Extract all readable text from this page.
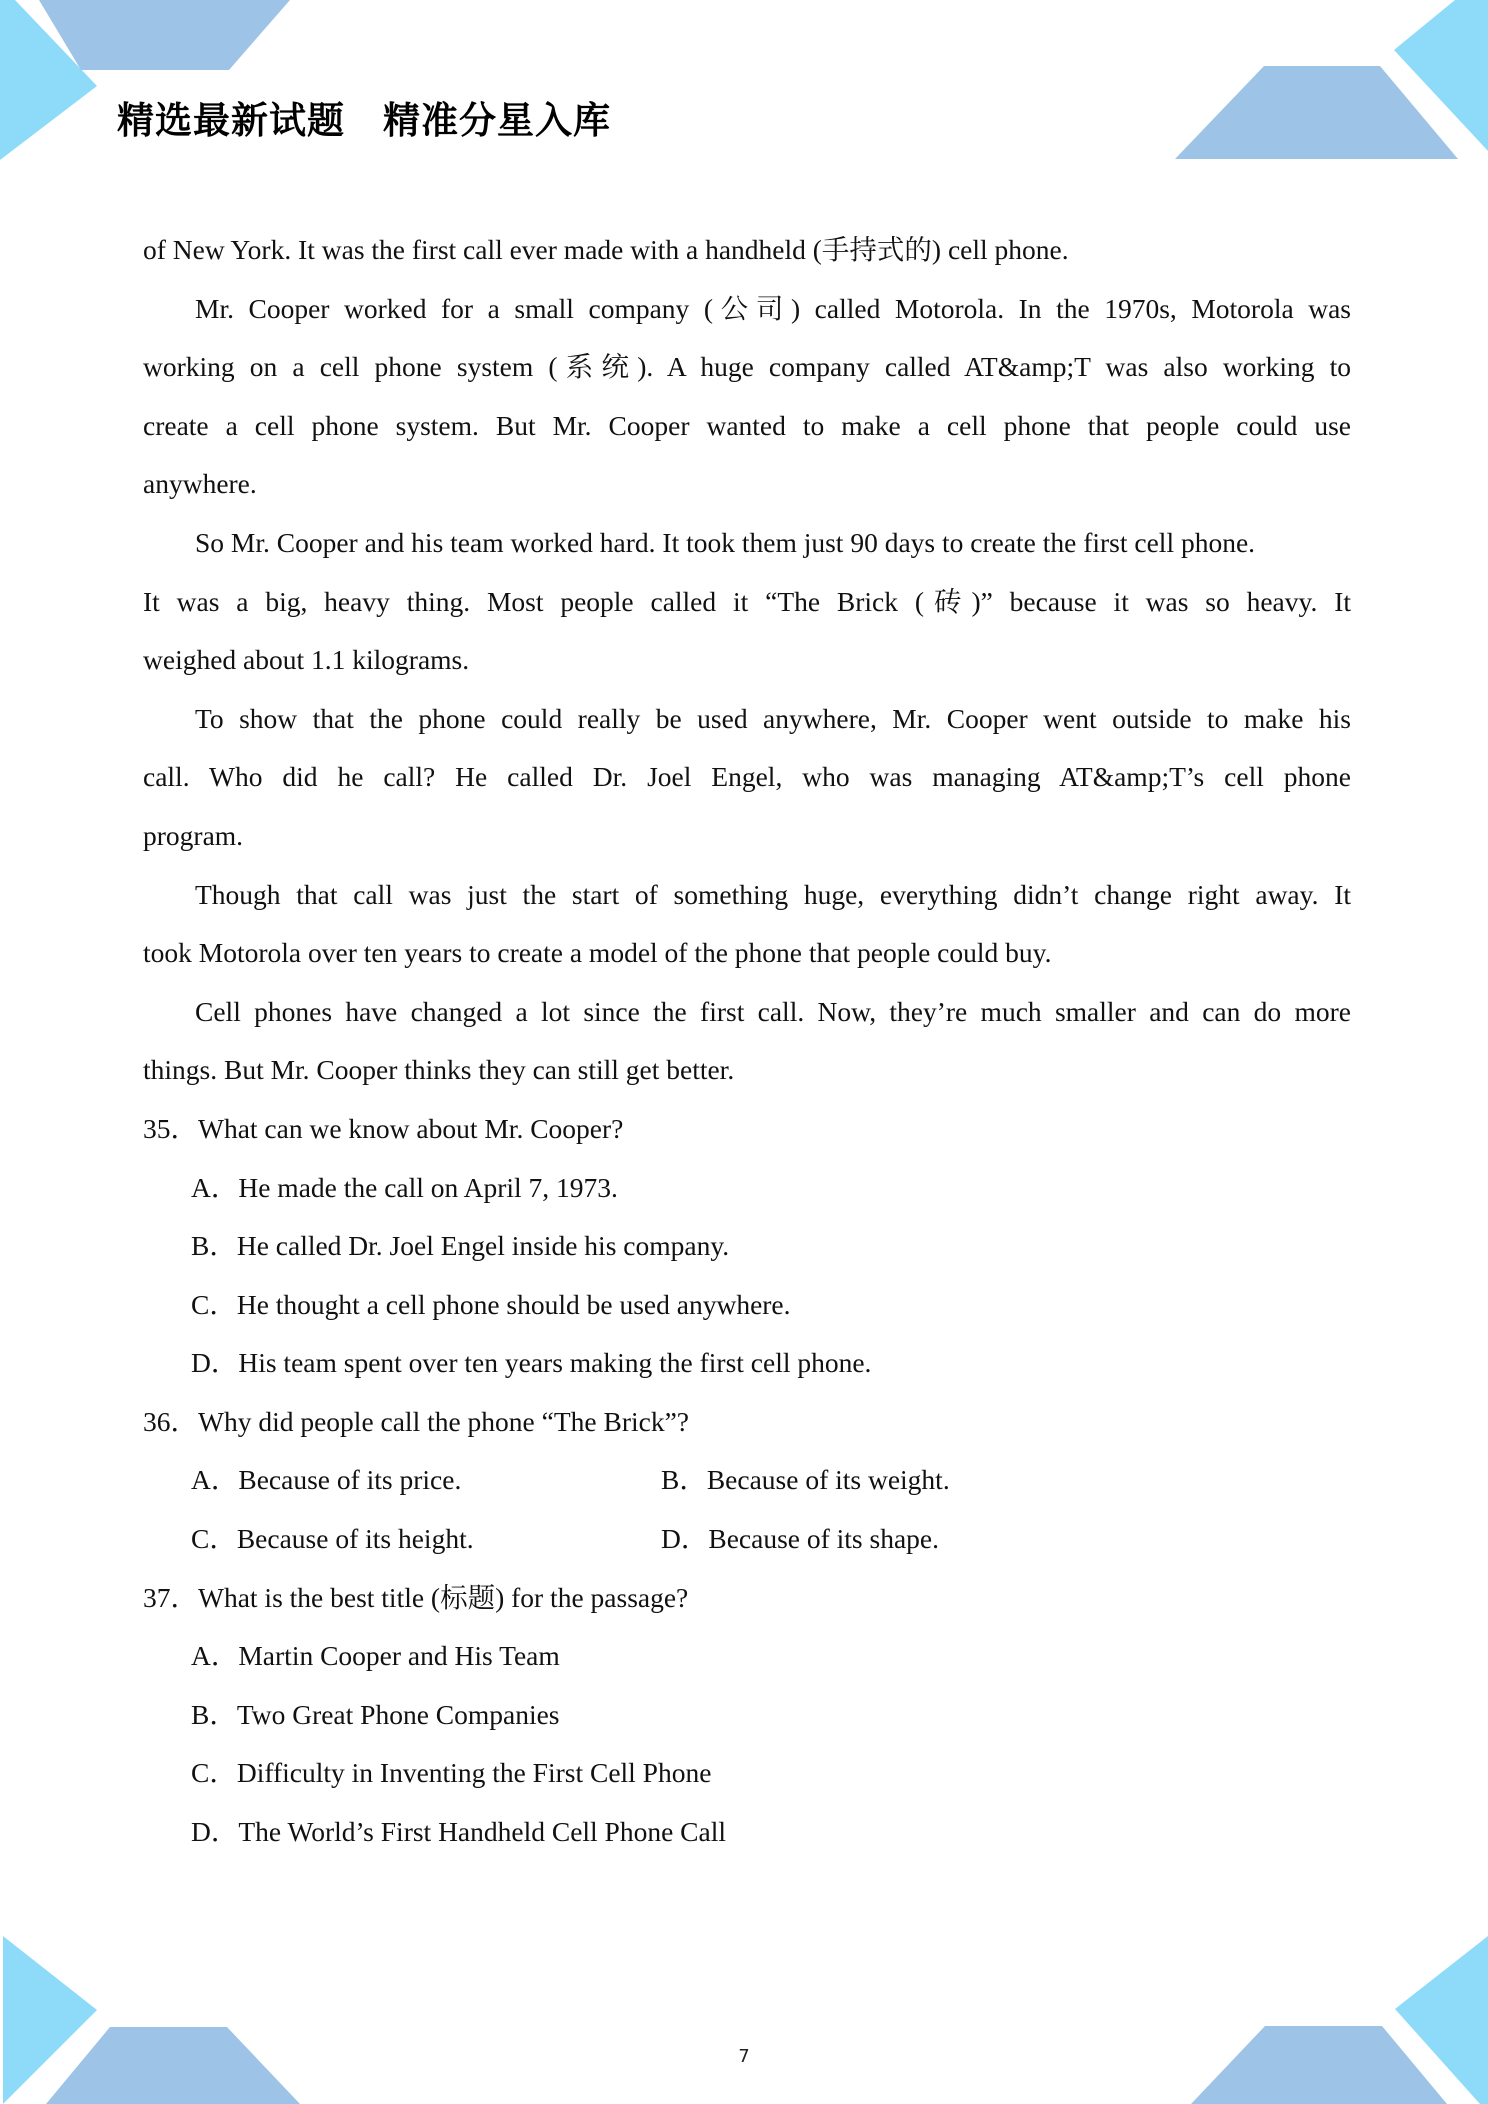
精选最新试题　精准分星入库
of New York. It was the first call ever made with a handheld (手持式的) cell phone.
Mr. Cooper worked for a small company (公司) called Motorola. In the 1970s, Motorola was
working on a cell phone system (系统). A huge company called AT&amp;T was also working to
create a cell phone system. But Mr. Cooper wanted to make a cell phone that people could use
anywhere.
So Mr. Cooper and his team worked hard. It took them just 90 days to create the first cell phone.
It was a big, heavy thing. Most people called it “The Brick (砖)” because it was so heavy. It
weighed about 1.1 kilograms.
To show that the phone could really be used anywhere, Mr. Cooper went outside to make his
call. Who did he call? He called Dr. Joel Engel, who was managing AT&amp;T’s cell phone
program.
Though that call was just the start of something huge, everything didn’t change right away. It
took Motorola over ten years to create a model of the phone that people could buy.
Cell phones have changed a lot since the first call. Now, they’re much smaller and can do more
things. But Mr. Cooper thinks they can still get better.
35．What can we know about Mr. Cooper?
A．He made the call on April 7, 1973.
B．He called Dr. Joel Engel inside his company.
C．He thought a cell phone should be used anywhere.
D．His team spent over ten years making the first cell phone.
36．Why did people call the phone “The Brick”?
A．Because of its price.	B．Because of its weight.
C．Because of its height.	D．Because of its shape.
37．What is the best title (标题) for the passage?
A．Martin Cooper and His Team
B．Two Great Phone Companies
C．Difficulty in Inventing the First Cell Phone
D．The World’s First Handheld Cell Phone Call
7
